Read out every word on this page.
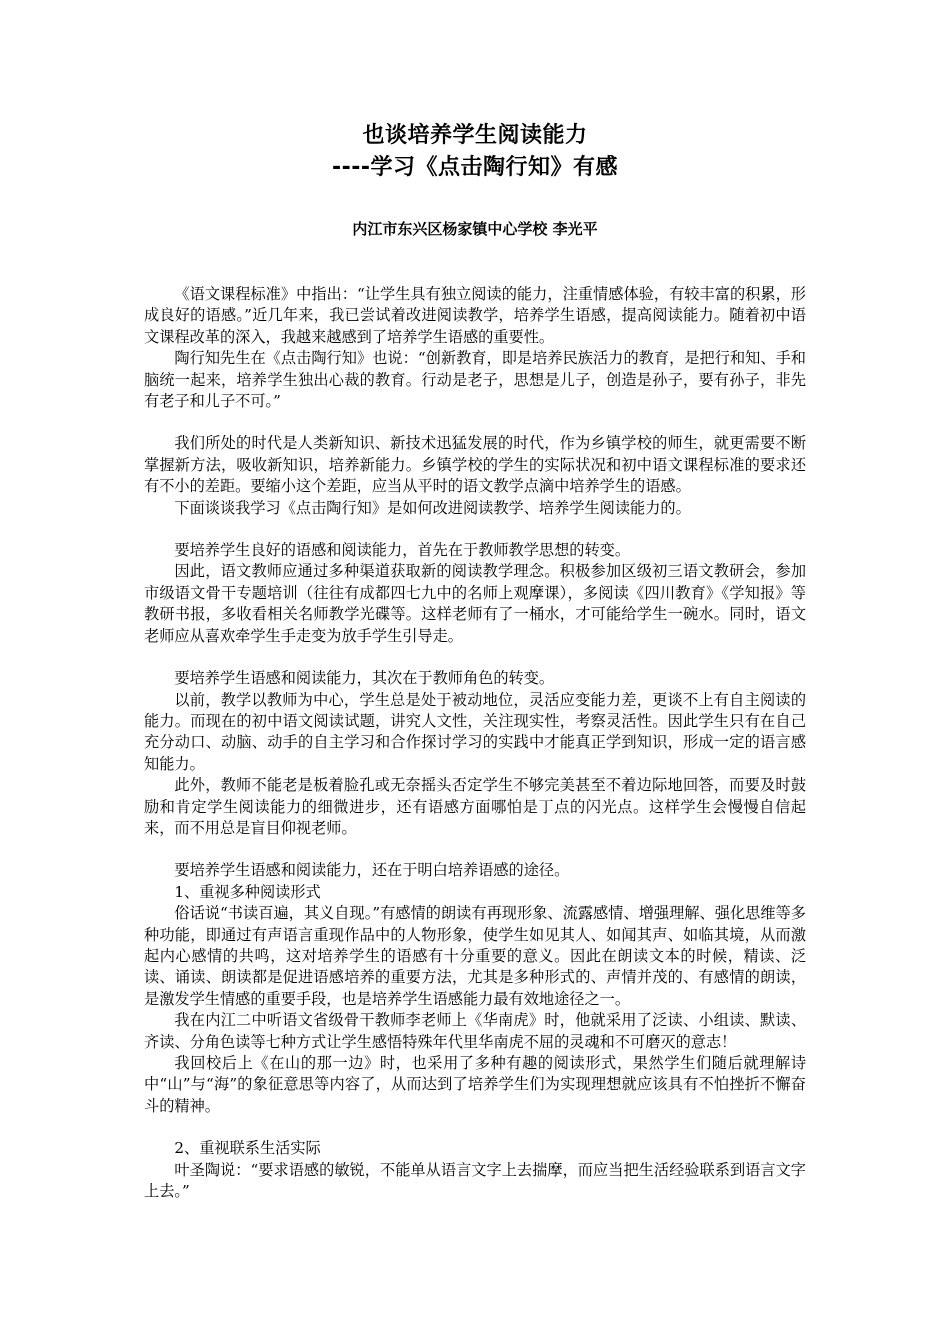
也谈培养学生阅读能力
----学习《点击陶行知》有感
内江市东兴区杨家镇中心学校 李光平

《语文课程标准》中指出：“让学生具有独立阅读的能力，注重情感体验，有较丰富的积累，形成良好的语感。”近几年来，我已尝试着改进阅读教学，培养学生语感，提高阅读能力。随着初中语文课程改革的深入，我越来越感到了培养学生语感的重要性。

陶行知先生在《点击陶行知》也说：“创新教育，即是培养民族活力的教育，是把行和知、手和脑统一起来，培养学生独出心裁的教育。行动是老子，思想是儿子，创造是孙子，要有孙子，非先有老子和儿子不可。”

我们所处的时代是人类新知识、新技术迅猛发展的时代，作为乡镇学校的师生，就更需要不断掌握新方法，吸收新知识，培养新能力。乡镇学校的学生的实际状况和初中语文课程标准的要求还有不小的差距。要缩小这个差距，应当从平时的语文教学点滴中培养学生的语感。

下面谈谈我学习《点击陶行知》是如何改进阅读教学、培养学生阅读能力的。

要培养学生良好的语感和阅读能力，首先在于教师教学思想的转变。

因此，语文教师应通过多种渠道获取新的阅读教学理念。积极参加区级初三语文教研会，参加市级语文骨干专题培训（往往有成都四七九中的名师上观摩课），多阅读《四川教育》《学知报》等教研书报，多收看相关名师教学光碟等。这样老师有了一桶水，才可能给学生一碗水。同时，语文老师应从喜欢牵学生手走变为放手学生引导走。

要培养学生语感和阅读能力，其次在于教师角色的转变。

以前，教学以教师为中心，学生总是处于被动地位，灵活应变能力差，更谈不上有自主阅读的能力。而现在的初中语文阅读试题，讲究人文性，关注现实性，考察灵活性。因此学生只有在自己充分动口、动脑、动手的自主学习和合作探讨学习的实践中才能真正学到知识，形成一定的语言感知能力。

此外，教师不能老是板着脸孔或无奈摇头否定学生不够完美甚至不着边际地回答，而要及时鼓励和肯定学生阅读能力的细微进步，还有语感方面哪怕是丁点的闪光点。这样学生会慢慢自信起来，而不用总是盲目仰视老师。

要培养学生语感和阅读能力，还在于明白培养语感的途径。

1、重视多种阅读形式

俗话说“书读百遍，其义自现。”有感情的朗读有再现形象、流露感情、增强理解、强化思维等多种功能，即通过有声语言重现作品中的人物形象，使学生如见其人、如闻其声、如临其境，从而激起内心感情的共鸣，这对培养学生的语感有十分重要的意义。因此在朗读文本的时候，精读、泛读、诵读、朗读都是促进语感培养的重要方法，尤其是多种形式的、声情并茂的、有感情的朗读，是激发学生情感的重要手段，也是培养学生语感能力最有效地途径之一。

我在内江二中听语文省级骨干教师李老师上《华南虎》时，他就采用了泛读、小组读、默读、齐读、分角色读等七种方式让学生感悟特殊年代里华南虎不屈的灵魂和不可磨灭的意志！

我回校后上《在山的那一边》时，也采用了多种有趣的阅读形式，果然学生们随后就理解诗中“山”与“海”的象征意思等内容了，从而达到了培养学生们为实现理想就应该具有不怕挫折不懈奋斗的精神。

2、重视联系生活实际

叶圣陶说：“要求语感的敏锐，不能单从语言文字上去揣摩，而应当把生活经验联系到语言文字上去。”
